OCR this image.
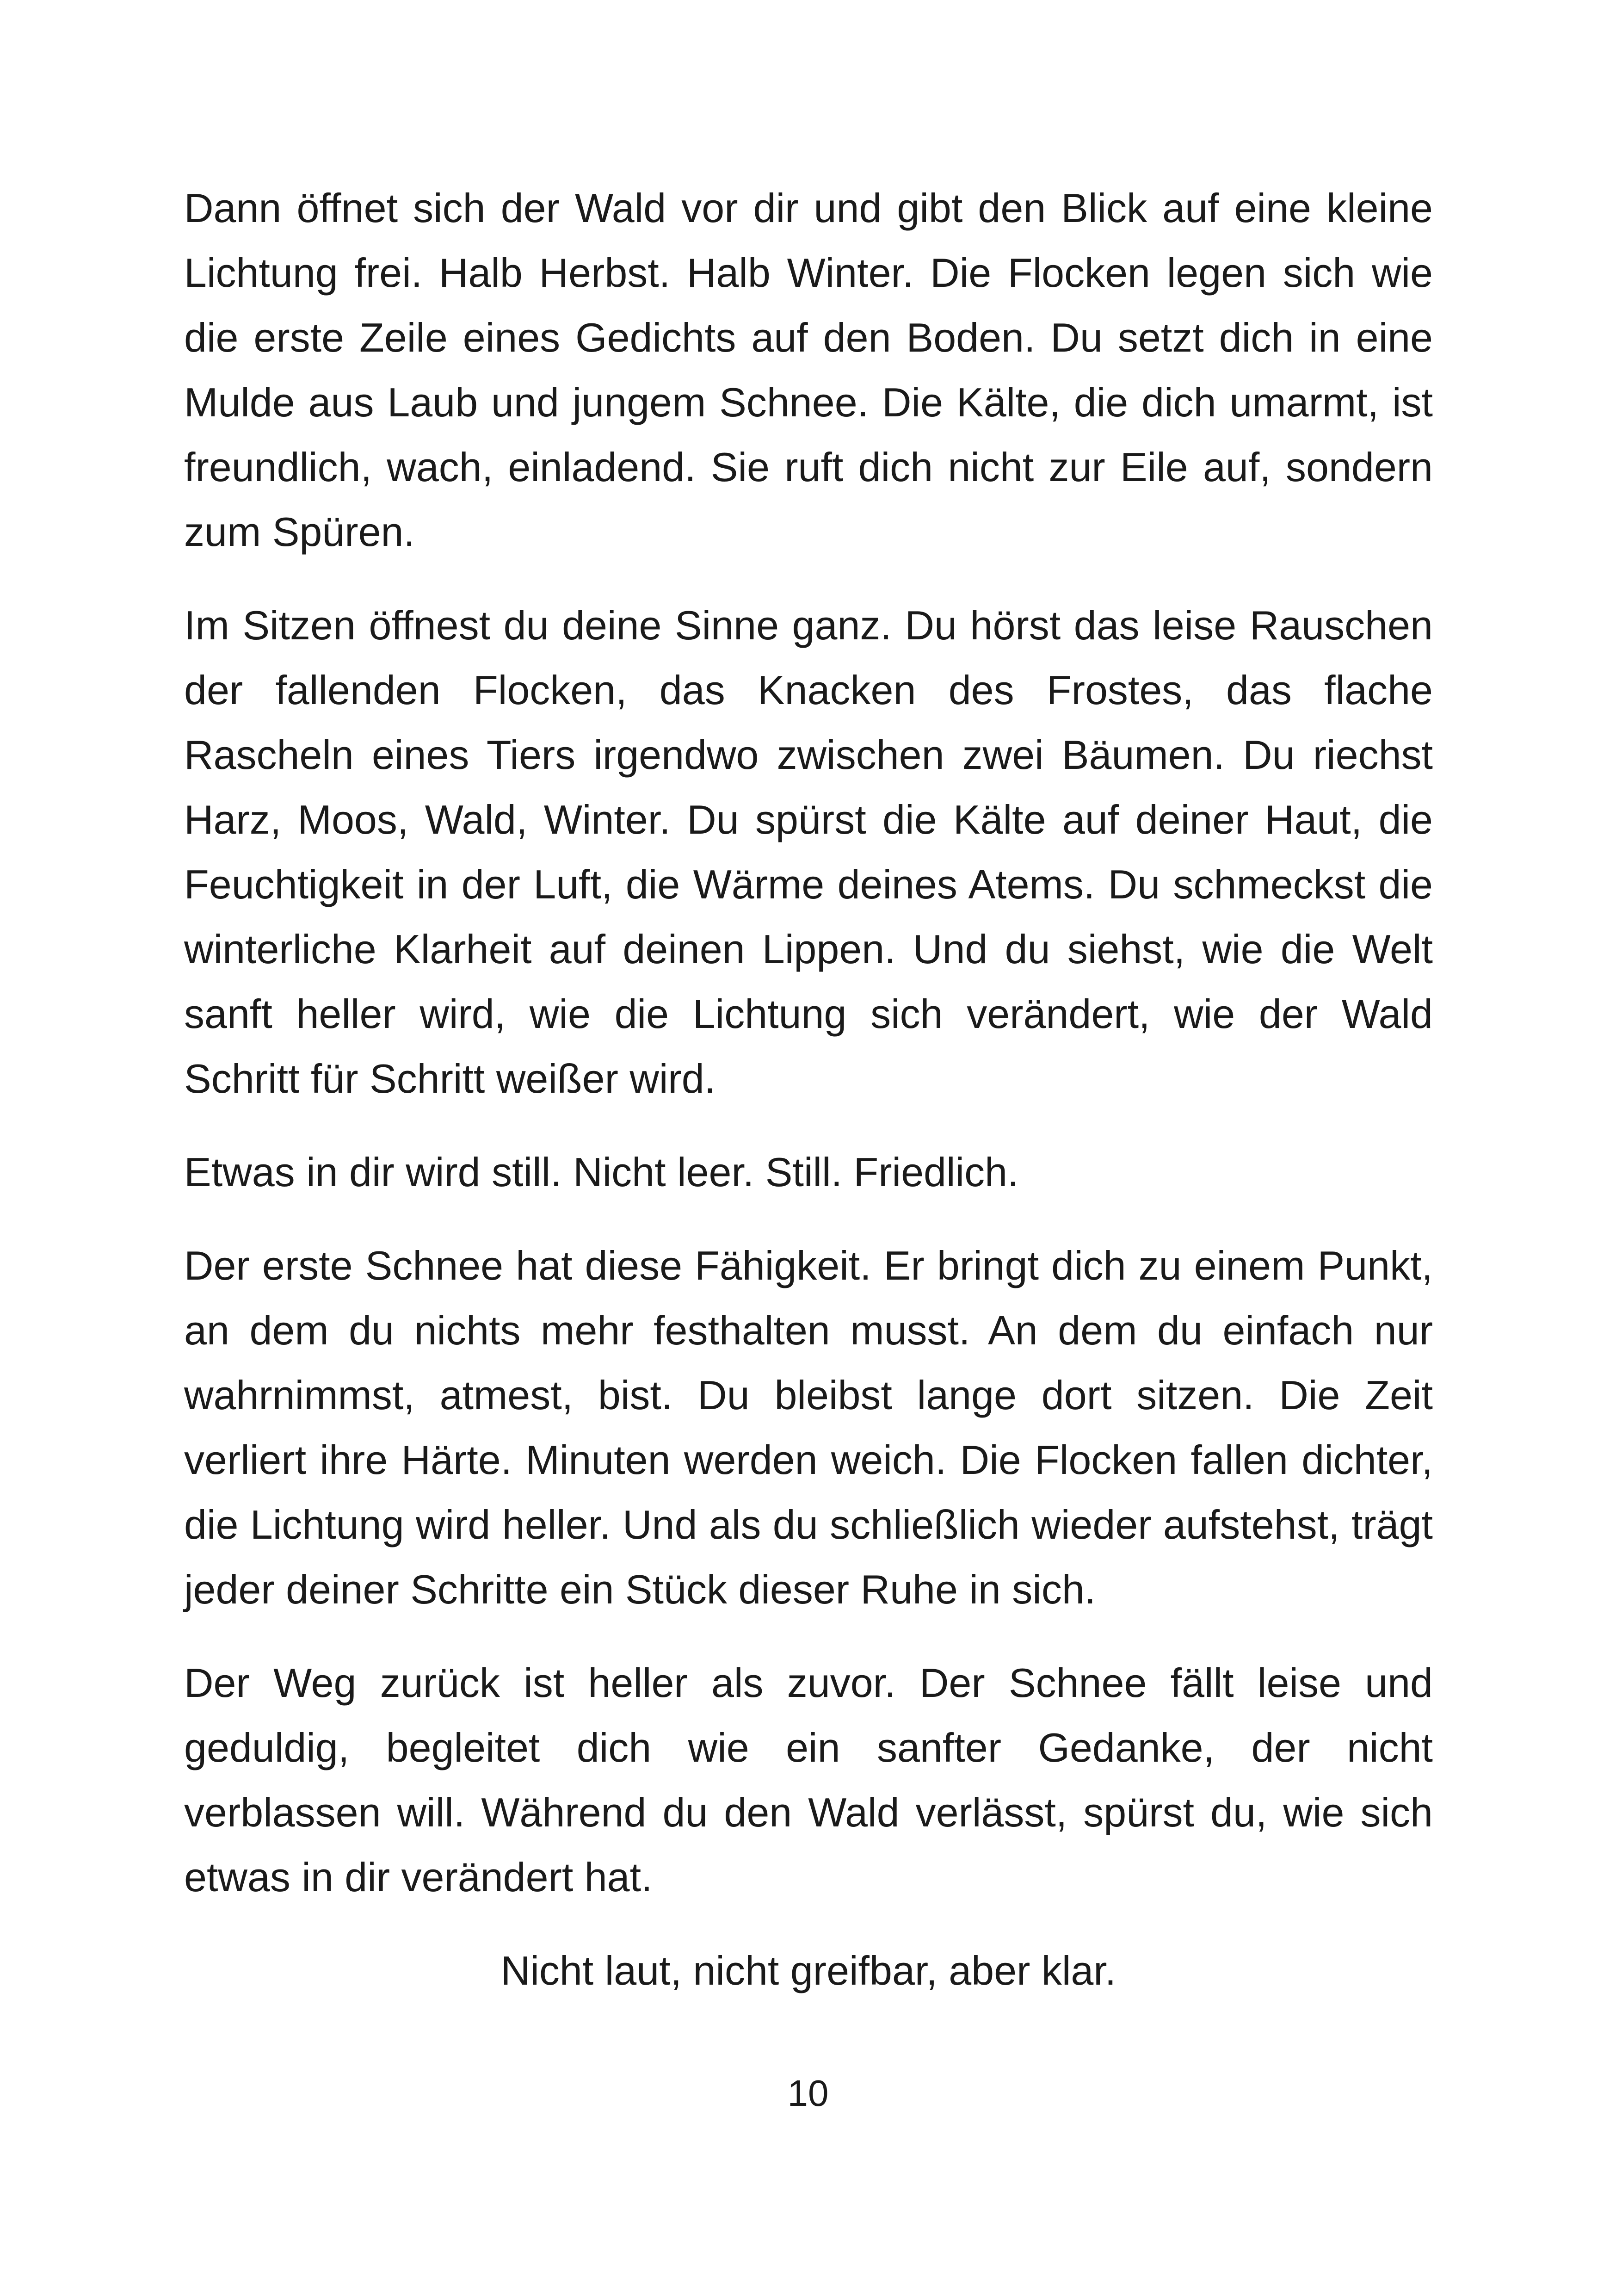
Dann öffnet sich der Wald vor dir und gibt den Blick auf eine kleine Lichtung frei. Halb Herbst. Halb Winter. Die Flocken legen sich wie die erste Zeile eines Gedichts auf den Boden. Du setzt dich in eine Mulde aus Laub und jungem Schnee. Die Kälte, die dich umarmt, ist freundlich, wach, einladend. Sie ruft dich nicht zur Eile auf, sondern zum Spüren.

Im Sitzen öffnest du deine Sinne ganz. Du hörst das leise Rauschen der fallenden Flocken, das Knacken des Frostes, das flache Rascheln eines Tiers irgendwo zwischen zwei Bäumen. Du riechst Harz, Moos, Wald, Winter. Du spürst die Kälte auf deiner Haut, die Feuchtigkeit in der Luft, die Wärme deines Atems. Du schmeckst die winterliche Klarheit auf deinen Lippen. Und du siehst, wie die Welt sanft heller wird, wie die Lichtung sich verändert, wie der Wald Schritt für Schritt weißer wird.

Etwas in dir wird still. Nicht leer. Still. Friedlich.

Der erste Schnee hat diese Fähigkeit. Er bringt dich zu einem Punkt, an dem du nichts mehr festhalten musst. An dem du einfach nur wahrnimmst, atmest, bist. Du bleibst lange dort sitzen. Die Zeit verliert ihre Härte. Minuten werden weich. Die Flocken fallen dichter, die Lichtung wird heller. Und als du schließlich wieder aufstehst, trägt jeder deiner Schritte ein Stück dieser Ruhe in sich.

Der Weg zurück ist heller als zuvor. Der Schnee fällt leise und geduldig, begleitet dich wie ein sanfter Gedanke, der nicht verblassen will. Während du den Wald verlässt, spürst du, wie sich etwas in dir verändert hat.

Nicht laut, nicht greifbar, aber klar.

10
